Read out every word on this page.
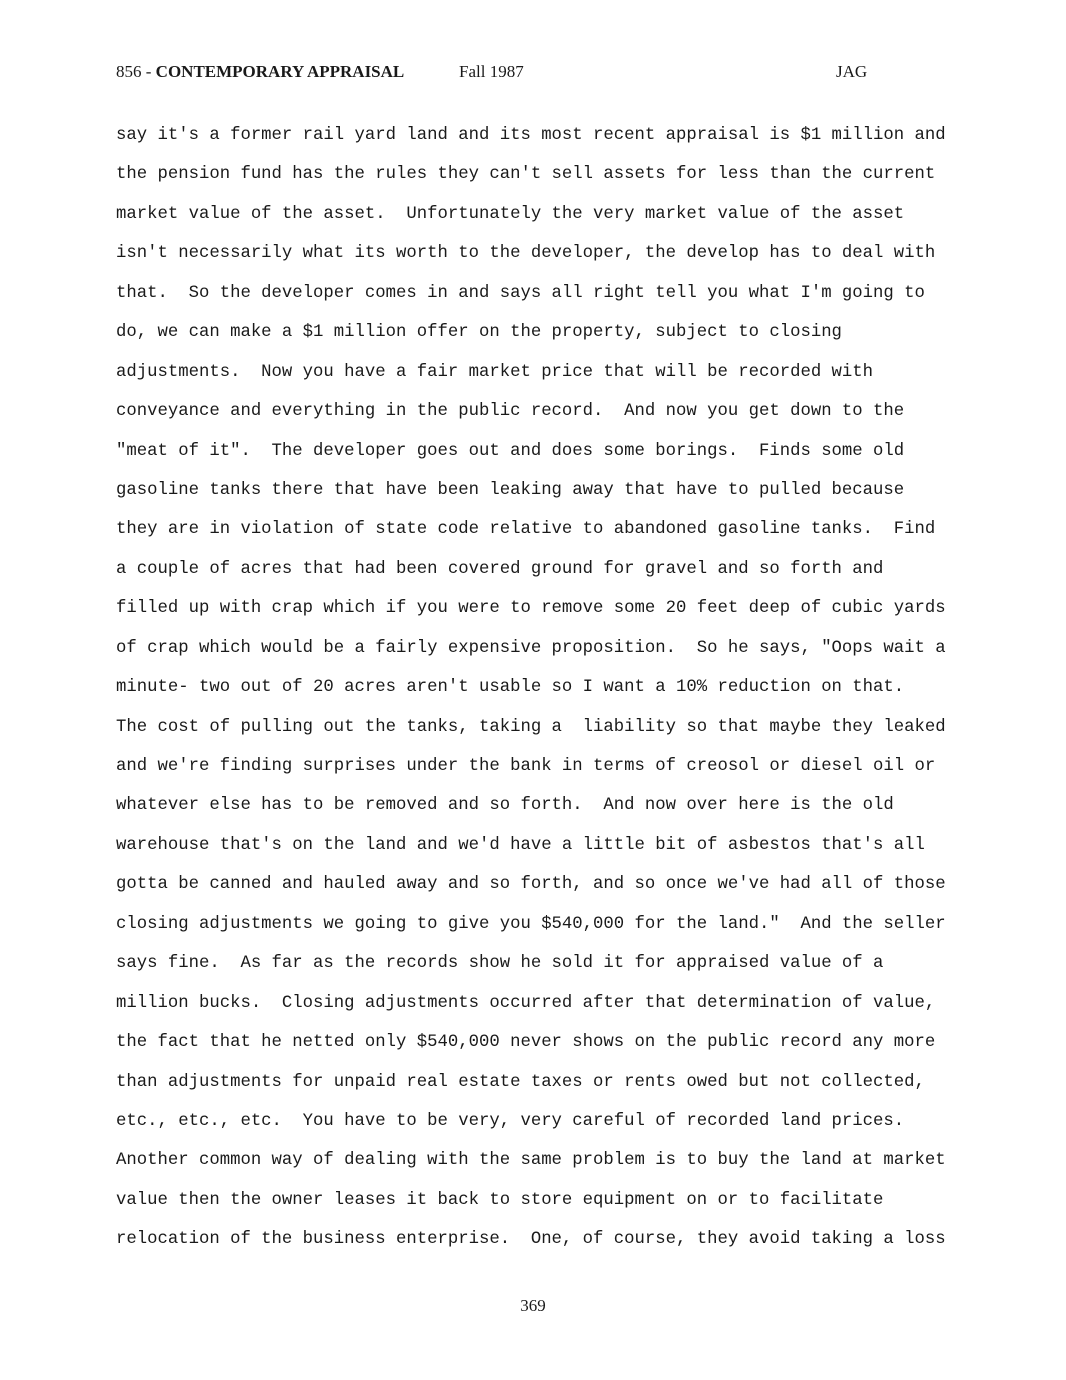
856 - CONTEMPORARY APPRAISAL	Fall 1987	JAG
say it's a former rail yard land and its most recent appraisal is $1 million and
the pension fund has the rules they can't sell assets for less than the current
market value of the asset.  Unfortunately the very market value of the asset
isn't necessarily what its worth to the developer, the develop has to deal with
that.  So the developer comes in and says all right tell you what I'm going to
do, we can make a $1 million offer on the property, subject to closing
adjustments.  Now you have a fair market price that will be recorded with
conveyance and everything in the public record.  And now you get down to the
"meat of it".  The developer goes out and does some borings.  Finds some old
gasoline tanks there that have been leaking away that have to pulled because
they are in violation of state code relative to abandoned gasoline tanks.  Find
a couple of acres that had been covered ground for gravel and so forth and
filled up with crap which if you were to remove some 20 feet deep of cubic yards
of crap which would be a fairly expensive proposition.  So he says, "Oops wait a
minute- two out of 20 acres aren't usable so I want a 10% reduction on that.
The cost of pulling out the tanks, taking a  liability so that maybe they leaked
and we're finding surprises under the bank in terms of creosol or diesel oil or
whatever else has to be removed and so forth.  And now over here is the old
warehouse that's on the land and we'd have a little bit of asbestos that's all
gotta be canned and hauled away and so forth, and so once we've had all of those
closing adjustments we going to give you $540,000 for the land."  And the seller
says fine.  As far as the records show he sold it for appraised value of a
million bucks.  Closing adjustments occurred after that determination of value,
the fact that he netted only $540,000 never shows on the public record any more
than adjustments for unpaid real estate taxes or rents owed but not collected,
etc., etc., etc.  You have to be very, very careful of recorded land prices.
Another common way of dealing with the same problem is to buy the land at market
value then the owner leases it back to store equipment on or to facilitate
relocation of the business enterprise.  One, of course, they avoid taking a loss
369
